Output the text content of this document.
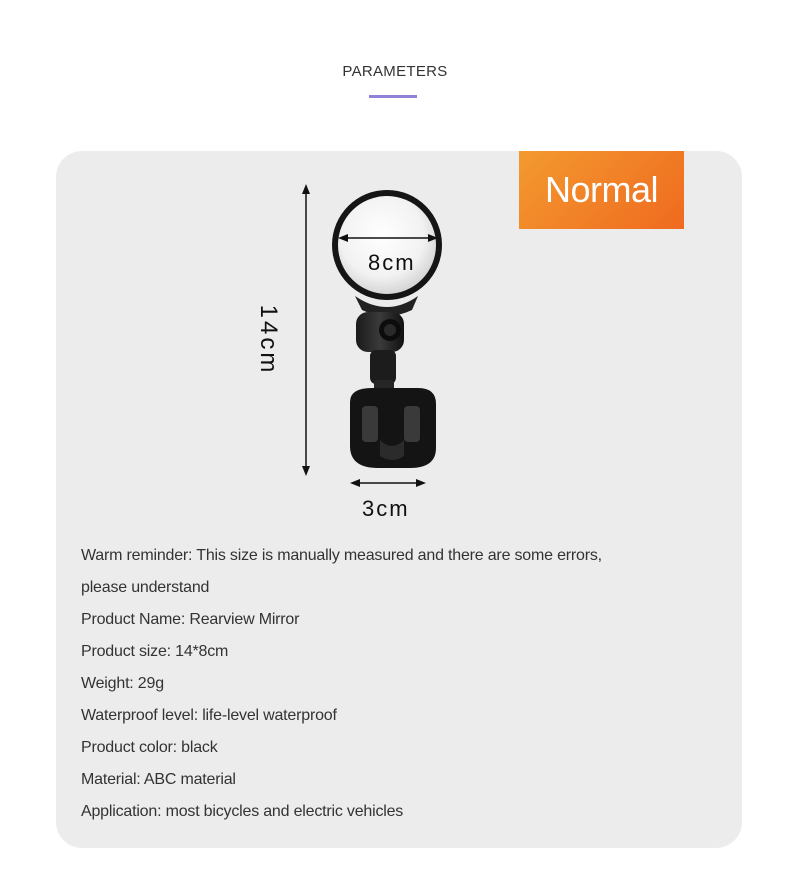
PARAMETERS
Normal
8cm
14cm
3cm
Warm reminder: This size is manually measured and there are some errors,
please understand
Product Name: Rearview Mirror
Product size: 14*8cm
Weight: 29g
Waterproof level: life-level waterproof
Product color: black
Material: ABC material
Application: most bicycles and electric vehicles
